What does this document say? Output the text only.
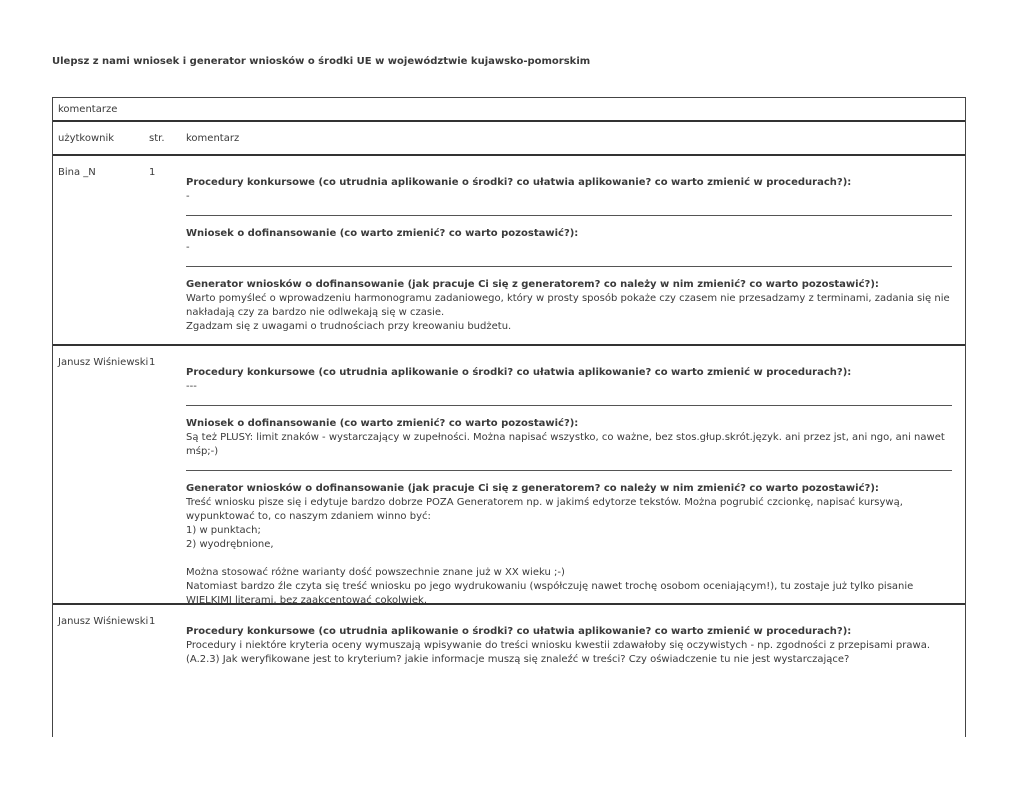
Ulepsz z nami wniosek i generator wniosków o środki UE w województwie kujawsko-pomorskim
komentarze
użytkownik	str. komentarz
Bina _N	1
Procedury konkursowe (co utrudnia aplikowanie o środki? co ułatwia aplikowanie? co warto zmienić w procedurach?):
-
Wniosek o dofinansowanie (co warto zmienić? co warto pozostawić?):
-
Generator wniosków o dofinansowanie (jak pracuje Ci się z generatorem? co należy w nim zmienić? co warto pozostawić?):
Warto pomyśleć o wprowadzeniu harmonogramu zadaniowego, który w prosty sposób pokaże czy czasem nie przesadzamy z terminami, zadania się nie nakładają czy za bardzo nie odlwekają się w czasie.
Zgadzam się z uwagami o trudnościach przy kreowaniu budżetu.
Janusz Wiśniewski 1
Procedury konkursowe (co utrudnia aplikowanie o środki? co ułatwia aplikowanie? co warto zmienić w procedurach?):
---
Wniosek o dofinansowanie (co warto zmienić? co warto pozostawić?):
Są też PLUSY: limit znaków - wystarczający w zupełności. Można napisać wszystko, co ważne, bez stos.głup.skrót.język. ani przez jst, ani ngo, ani nawet mśp;-)
Generator wniosków o dofinansowanie (jak pracuje Ci się z generatorem? co należy w nim zmienić? co warto pozostawić?):
Treść wniosku pisze się i edytuje bardzo dobrze POZA Generatorem np. w jakimś edytorze tekstów. Można pogrubić czcionkę, napisać kursywą, wypunktować to, co naszym zdaniem winno być:
1) w punktach;
2) wyodrębnione,

Można stosować różne warianty dość powszechnie znane już w XX wieku ;-)
Natomiast bardzo źle czyta się treść wniosku po jego wydrukowaniu (współczuję nawet trochę osobom oceniającym!), tu zostaje już tylko pisanie WIELKIMI literami, bez zaakcentować cokolwiek.
Janusz Wiśniewski 1
Procedury konkursowe (co utrudnia aplikowanie o środki? co ułatwia aplikowanie? co warto zmienić w procedurach?):
Procedury i niektóre kryteria oceny wymuszają wpisywanie do treści wniosku kwestii zdawałoby się oczywistych - np. zgodności z przepisami prawa. (A.2.3) Jak weryfikowane jest to kryterium? jakie informacje muszą się znaleźć w treści? Czy oświadczenie tu nie jest wystarczające?
